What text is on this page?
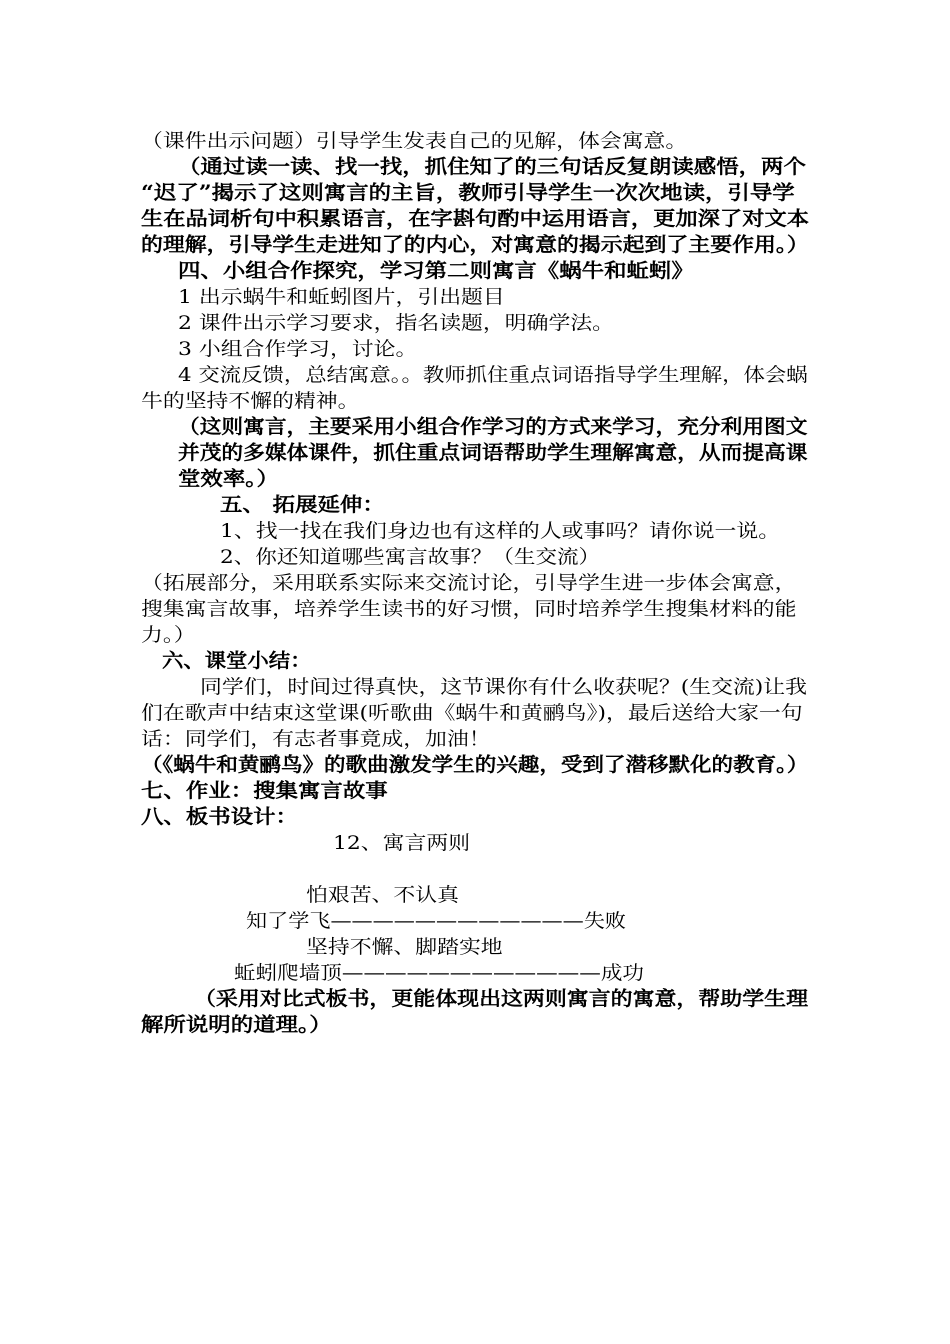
（课件出示问题）引导学生发表自己的见解，体会寓意。
（通过读一读、找一找，抓住知了的三句话反复朗读感悟，两个
“迟了”揭示了这则寓言的主旨，教师引导学生一次次地读，引导学
生在品词析句中积累语言，在字斟句酌中运用语言，更加深了对文本
的理解，引导学生走进知了的内心，对寓意的揭示起到了主要作用。）
四、小组合作探究，学习第二则寓言《蜗牛和蚯蚓》
1 出示蜗牛和蚯蚓图片，引出题目
2 课件出示学习要求，指名读题，明确学法。
3 小组合作学习，讨论。
4 交流反馈，总结寓意。。教师抓住重点词语指导学生理解，体会蜗
牛的坚持不懈的精神。
（这则寓言，主要采用小组合作学习的方式来学习，充分利用图文
并茂的多媒体课件，抓住重点词语帮助学生理解寓意，从而提高课
堂效率。）
五、 拓展延伸：
1、找一找在我们身边也有这样的人或事吗？请你说一说。
2、你还知道哪些寓言故事？（生交流）
（拓展部分，采用联系实际来交流讨论，引导学生进一步体会寓意，
搜集寓言故事，培养学生读书的好习惯，同时培养学生搜集材料的能
力。）
六、课堂小结：
同学们，时间过得真快，这节课你有什么收获呢？(生交流)让我
们在歌声中结束这堂课(听歌曲《蜗牛和黄鹂鸟》)，最后送给大家一句
话：同学们，有志者事竟成，加油！
（《蜗牛和黄鹂鸟》的歌曲激发学生的兴趣，受到了潜移默化的教育。）
七、作业：搜集寓言故事
八、板书设计：
12、寓言两则
怕艰苦、不认真
知了学飞————————————失败
坚持不懈、脚踏实地
蚯蚓爬墙顶————————————成功
（采用对比式板书，更能体现出这两则寓言的寓意，帮助学生理
解所说明的道理。）
